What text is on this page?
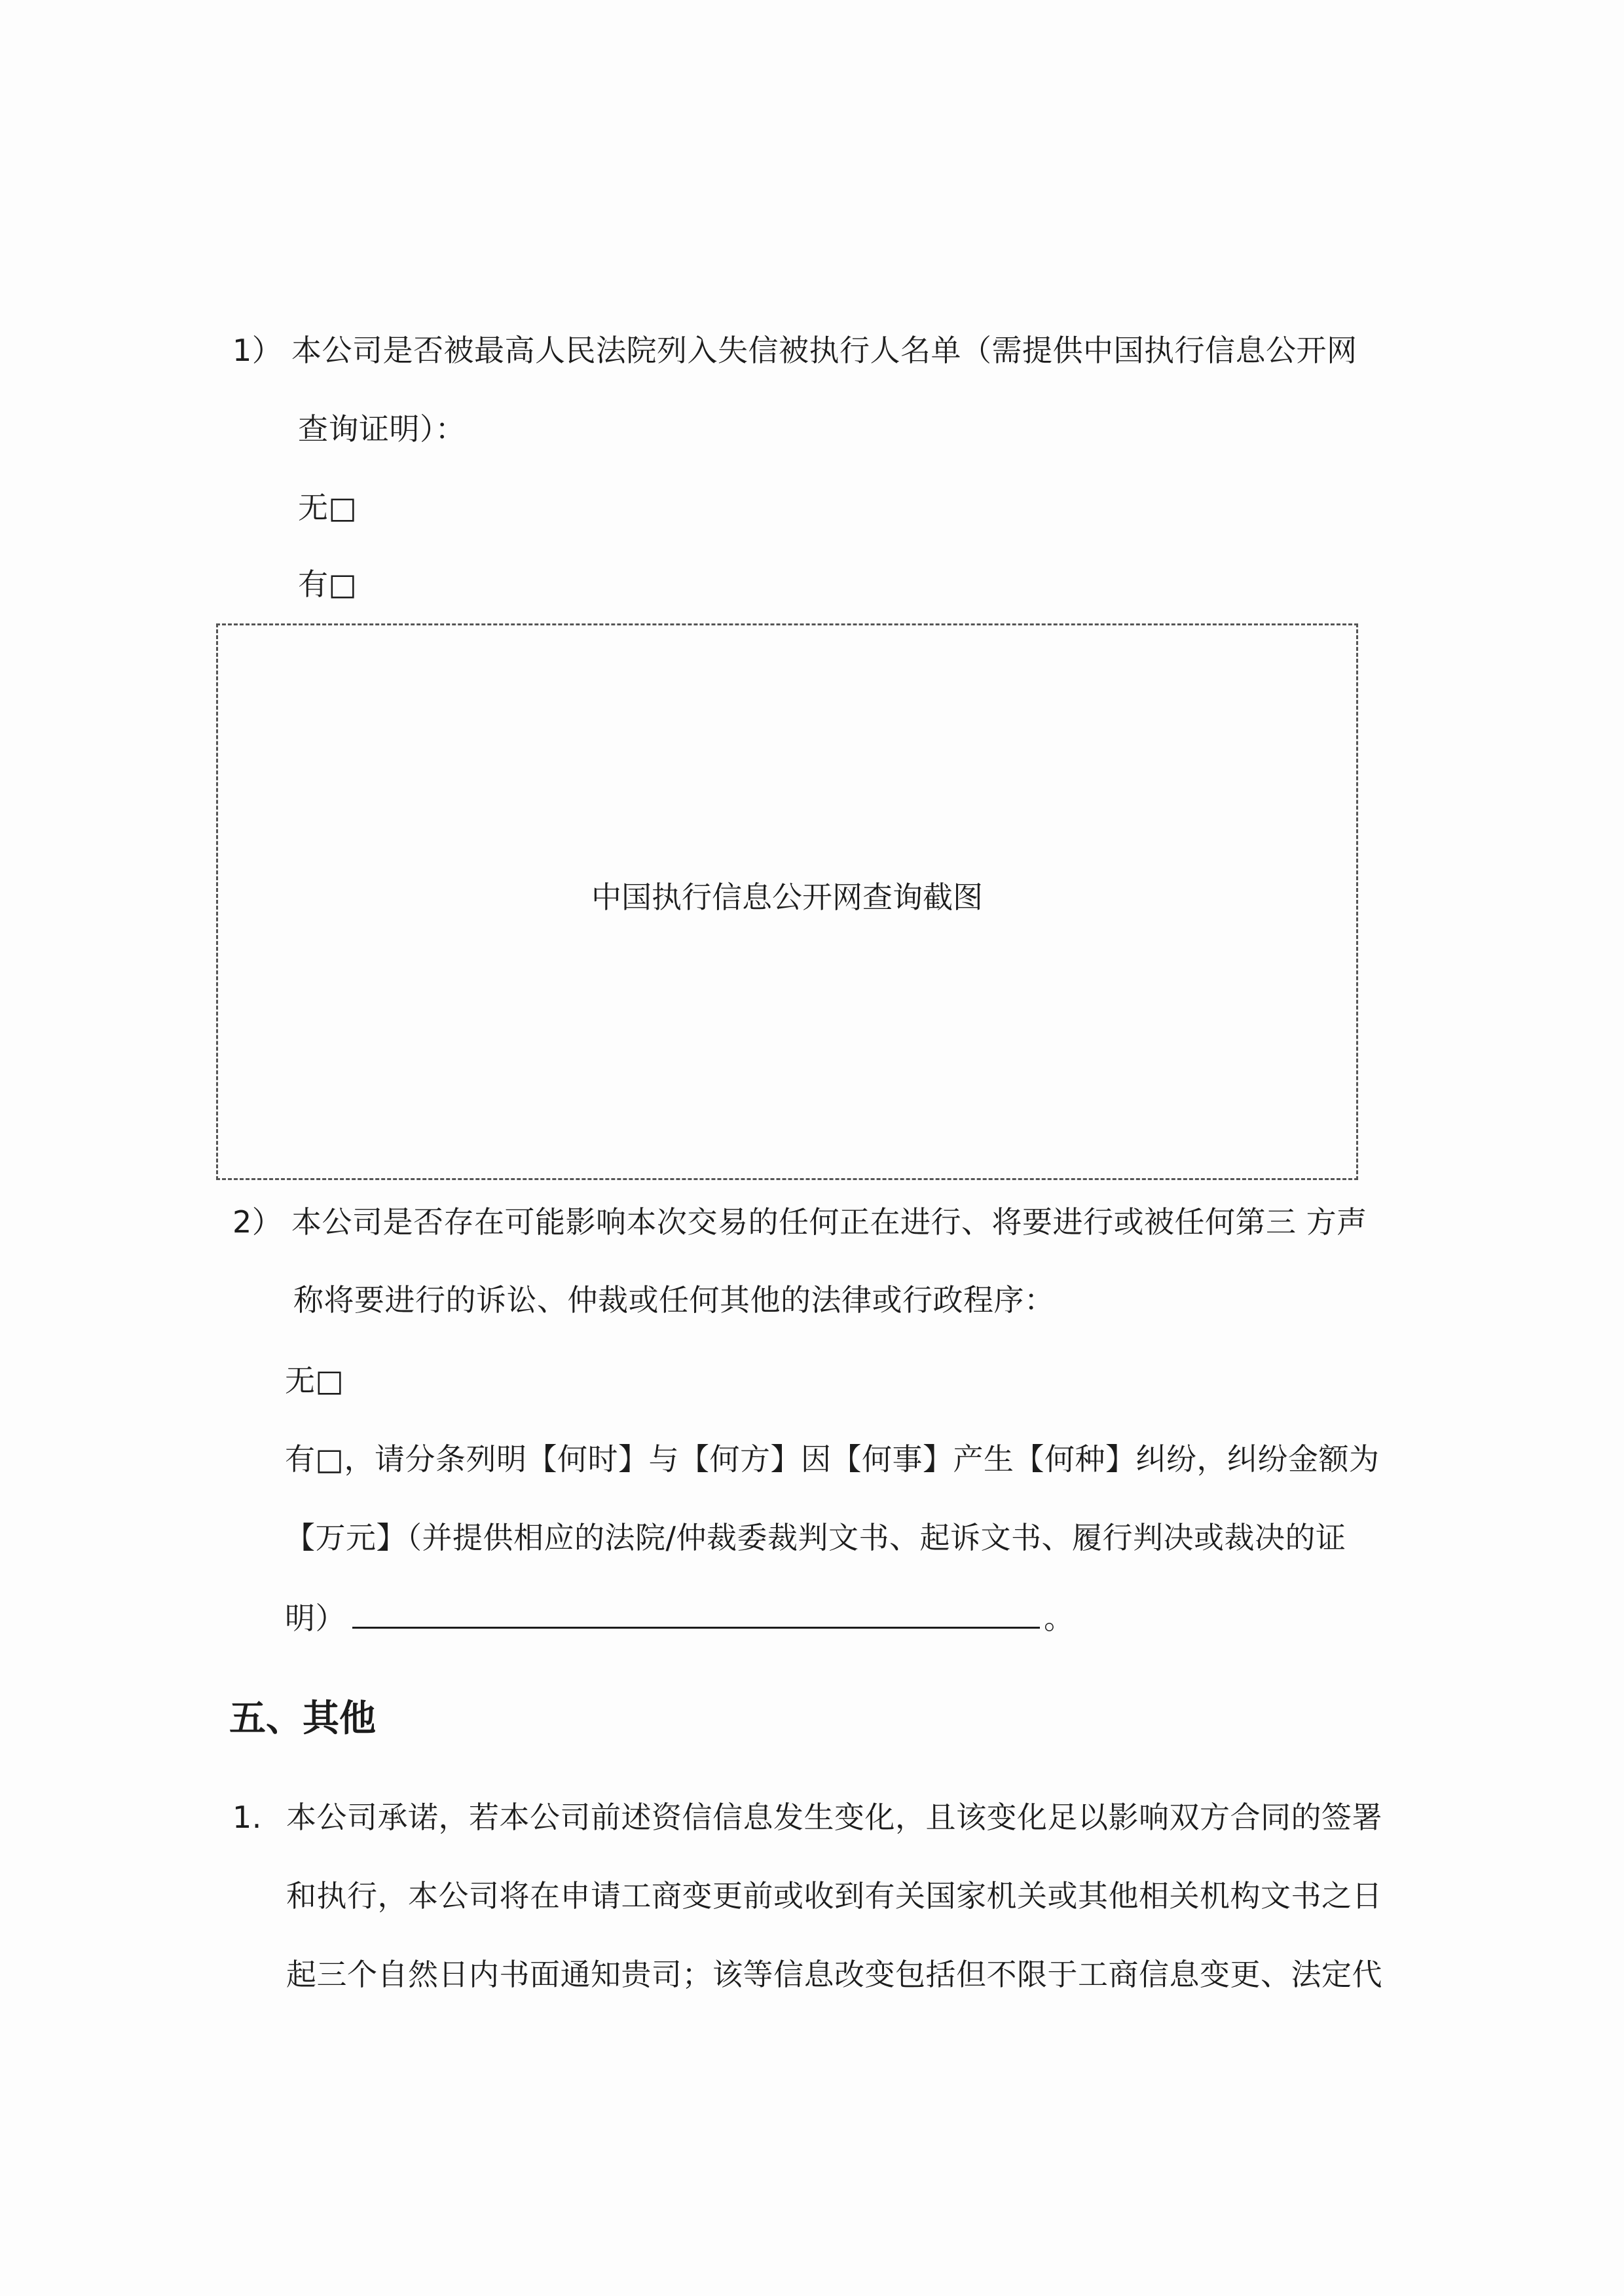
1） 本公司是否被最高人民法院列入失信被执行人名单（需提供中国执行信息公开网
查询证明）：
无□
有□
中国执行信息公开网查询截图
2） 本公司是否存在可能影响本次交易的任何正在进行、将要进行或被任何第三 方声
称将要进行的诉讼、仲裁或任何其他的法律或行政程序：
无□
有□，请分条列明【何时】与【何方】因【何事】产生【何种】纠纷，纠纷金额为
【万元】（并提供相应的法院/仲裁委裁判文书、起诉文书、履行判决或裁决的证
明）	。
五、其他
1. 本公司承诺，若本公司前述资信信息发生变化，且该变化足以影响双方合同的签署
和执行，本公司将在申请工商变更前或收到有关国家机关或其他相关机构文书之日
起三个自然日内书面通知贵司；该等信息改变包括但不限于工商信息变更、法定代
